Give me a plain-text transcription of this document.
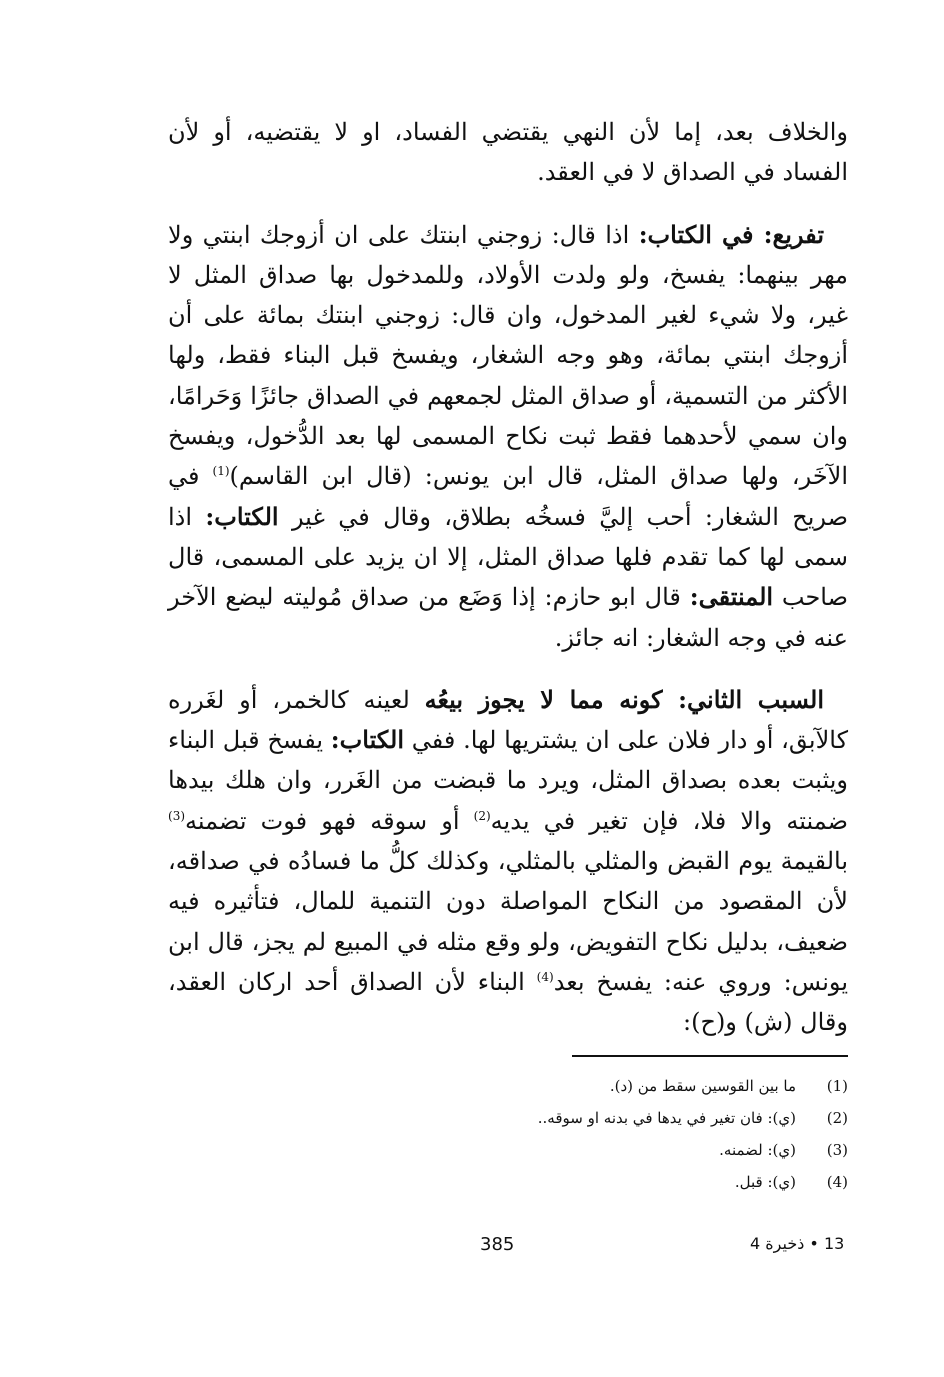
والخلاف بعد، إما لأن النهي يقتضي الفساد، او لا يقتضيه، أو لأن الفساد في الصداق لا في العقد.

تفريع: في الكتاب: اذا قال: زوجني ابنتك على ان أزوجك ابنتي ولا مهر بينهما: يفسخ، ولو ولدت الأولاد، وللمدخول بها صداق المثل لا غير، ولا شيء لغير المدخول، وان قال: زوجني ابنتك بمائة على أن أزوجك ابنتي بمائة، وهو وجه الشغار، ويفسخ قبل البناء فقط، ولها الأكثر من التسمية، أو صداق المثل لجمعهم في الصداق جائزًا وَحَرامًا، وان سمي لأحدهما فقط ثبت نكاح المسمى لها بعد الدُّخول، ويفسخ الآخَر، ولها صداق المثل، قال ابن يونس: (قال ابن القاسم)$^{(1)}$ في صريح الشغار: أحب إليَّ فسخُه بطلاق، وقال في غير الكتاب: اذا سمى لها كما تقدم فلها صداق المثل، إلا ان يزيد على المسمى، قال صاحب المنتقى: قال ابو حازم: إذا وَضَع من صداق مُوليته ليضع الآخر عنه في وجه الشغار: انه جائز.

السبب الثاني: كونه مما لا يجوز بيعُه لعينه كالخمر، أو لغَرره كالآبق، أو دار فلان على ان يشتريها لها. ففي الكتاب: يفسخ قبل البناء ويثبت بعده بصداق المثل، ويرد ما قبضت من الغَرر، وان هلك بيدها ضمنته والا فلا، فإن تغير في يديه$^{(2)}$ أو سوقه فهو فوت تضمنه$^{(3)}$ بالقيمة يوم القبض والمثلي بالمثلي، وكذلك كلُّ ما فسادُه في صداقه، لأن المقصود من النكاح المواصلة دون التنمية للمال، فتأثيره فيه ضعيف، بدليل نكاح التفويض، ولو وقع مثله في المبيع لم يجز، قال ابن يونس: وروي عنه: يفسخ بعد$^{(4)}$ البناء لأن الصداق أحد اركان العقد، وقال (ش) و(ح):

(1)
ما بين القوسين سقط من (د).
(2)
(ي): فان تغير في يدها في بدنه او سوقه..
(3)
(ي): لضمنه.
(4)
(ي): قبل.
385	13 • ذخيرة 4
